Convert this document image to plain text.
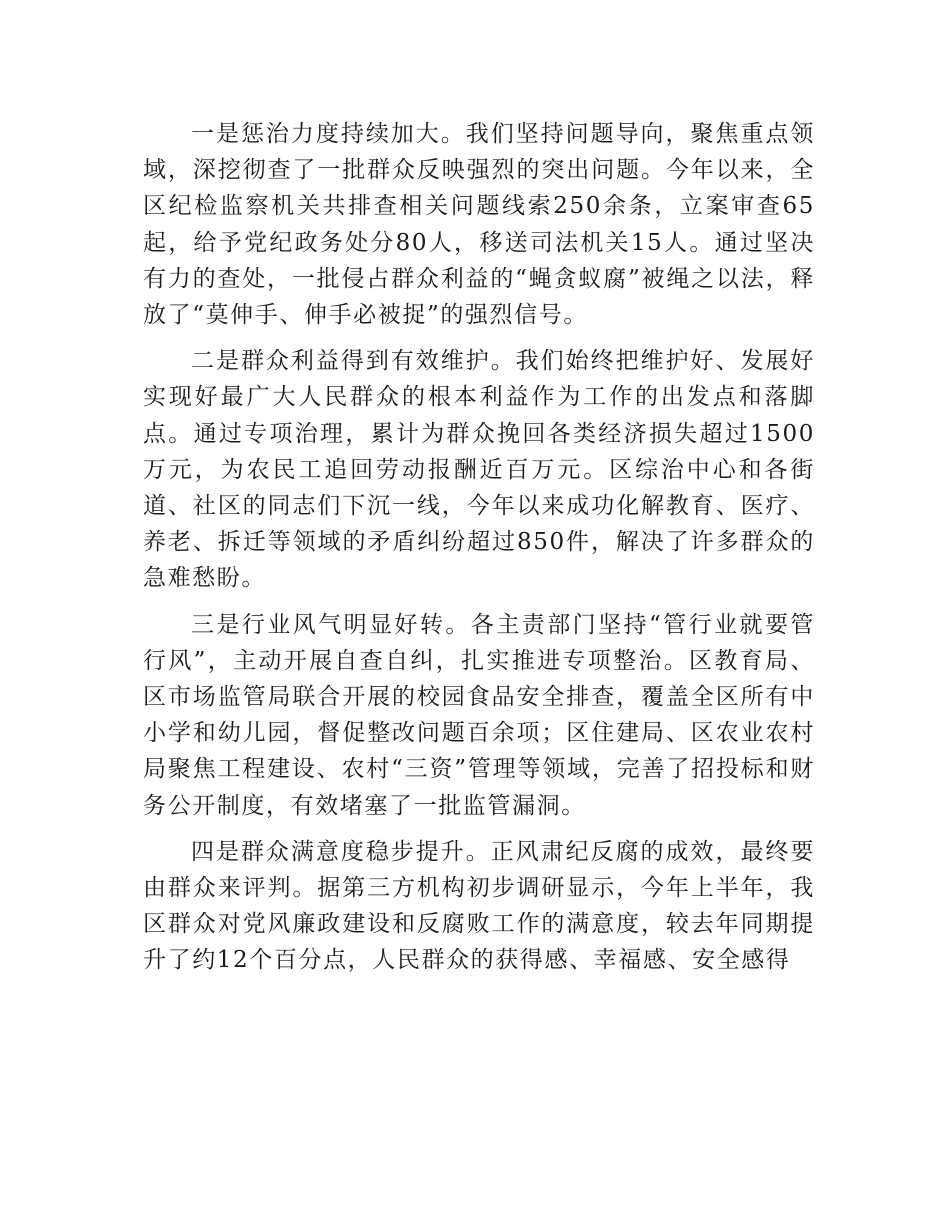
一是惩治力度持续加大。我们坚持问题导向，聚焦重点领域，深挖彻查了一批群众反映强烈的突出问题。今年以来，全区纪检监察机关共排查相关问题线索250余条，立案审查65起，给予党纪政务处分80人，移送司法机关15人。通过坚决有力的查处，一批侵占群众利益的“蝇贪蚁腐”被绳之以法，释放了“莫伸手、伸手必被捉”的强烈信号。

二是群众利益得到有效维护。我们始终把维护好、发展好实现好最广大人民群众的根本利益作为工作的出发点和落脚点。通过专项治理，累计为群众挽回各类经济损失超过1500万元，为农民工追回劳动报酬近百万元。区综治中心和各街道、社区的同志们下沉一线，今年以来成功化解教育、医疗、养老、拆迁等领域的矛盾纠纷超过850件，解决了许多群众的急难愁盼。

三是行业风气明显好转。各主责部门坚持“管行业就要管行风”，主动开展自查自纠，扎实推进专项整治。区教育局、区市场监管局联合开展的校园食品安全排查，覆盖全区所有中小学和幼儿园，督促整改问题百余项；区住建局、区农业农村局聚焦工程建设、农村“三资”管理等领域，完善了招投标和财务公开制度，有效堵塞了一批监管漏洞。

四是群众满意度稳步提升。正风肃纪反腐的成效，最终要由群众来评判。据第三方机构初步调研显示，今年上半年，我区群众对党风廉政建设和反腐败工作的满意度，较去年同期提升了约12个百分点，人民群众的获得感、幸福感、安全感得
